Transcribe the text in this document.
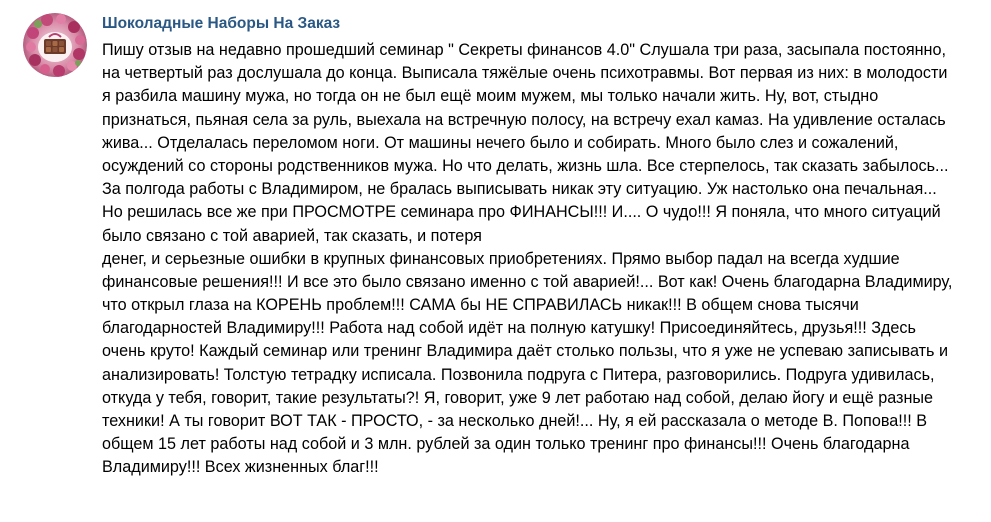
Шоколадные Наборы На Заказ
Пишу отзыв на недавно прошедший семинар " Секреты финансов 4.0" Слушала три раза, засыпала постоянно,
на четвертый раз дослушала до конца. Выписала тяжёлые очень психотравмы. Вот первая из них: в молодости
я разбила машину мужа, но тогда он не был ещё моим мужем, мы только начали жить. Ну, вот, стыдно
признаться, пьяная села за руль, выехала на встречную полосу, на встречу ехал камаз. На удивление осталась
жива... Отделалась переломом ноги. От машины нечего было и собирать. Много было слез и сожалений,
осуждений со стороны родственников мужа. Но что делать, жизнь шла. Все стерпелось, так сказать забылось...
За полгода работы с Владимиром, не бралась выписывать никак эту ситуацию. Уж настолько она печальная...
Но решилась все же при ПРОСМОТРЕ семинара про ФИНАНСЫ!!! И.... О чудо!!! Я поняла, что много ситуаций
было связано с той аварией, так сказать, и потеря
денег, и серьезные ошибки в крупных финансовых приобретениях. Прямо выбор падал на всегда худшие
финансовые решения!!! И все это было связано именно с той аварией!... Вот как! Очень благодарна Владимиру,
что открыл глаза на КОРЕНЬ проблем!!! САМА бы НЕ СПРАВИЛАСЬ никак!!! В общем снова тысячи
благодарностей Владимиру!!! Работа над собой идёт на полную катушку! Присоединяйтесь, друзья!!! Здесь
очень круто! Каждый семинар или тренинг Владимира даёт столько пользы, что я уже не успеваю записывать и
анализировать! Толстую тетрадку исписала. Позвонила подруга с Питера, разговорились. Подруга удивилась,
откуда у тебя, говорит, такие результаты?! Я, говорит, уже 9 лет работаю над собой, делаю йогу и ещё разные
техники! А ты говорит ВОТ ТАК - ПРОСТО, - за несколько дней!... Ну, я ей рассказала о методе В. Попова!!! В
общем 15 лет работы над собой и 3 млн. рублей за один только тренинг про финансы!!! Очень благодарна
Владимиру!!! Всех жизненных благ!!!
